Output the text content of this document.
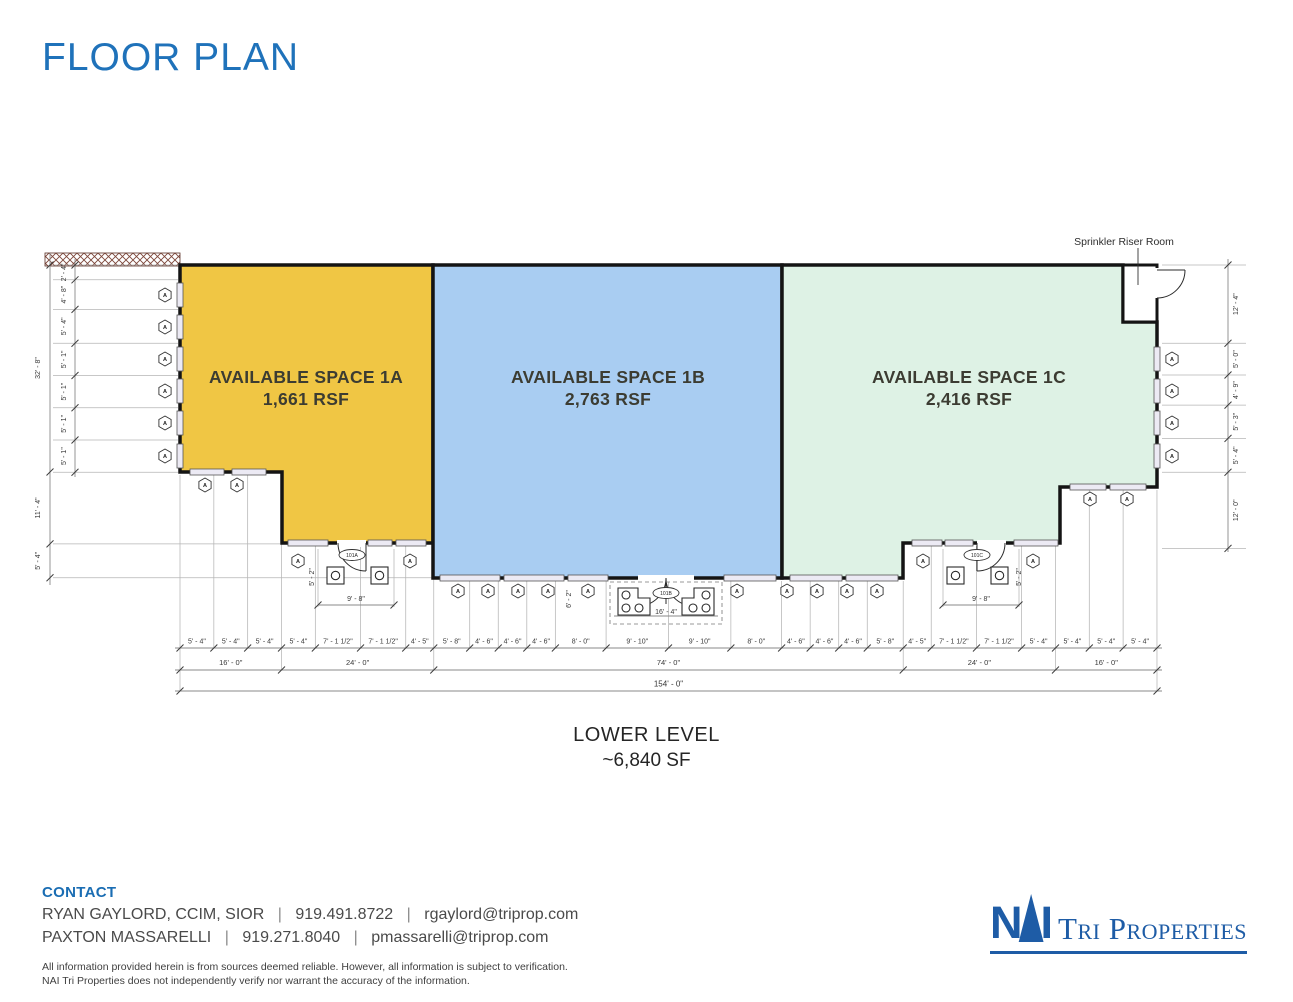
FLOOR PLAN
9' - 8"
5' - 2"
16' - 4"
6' - 2"	9' - 8"
5' - 2"
5' - 4" 5' - 4" 5' - 4" 5' - 4" 7' - 1 1/2" 7' - 1 1/2" 4' - 5" 5' - 8" 4' - 6" 4' - 6" 4' - 6"	8' - 0"	9' - 10"	9' - 10"	8' - 0"	4' - 6" 4' - 6" 4' - 6" 5' - 8" 4' - 5" 7' - 1 1/2" 7' - 1 1/2" 5' - 4" 5' - 4" 5' - 4" 5' - 4"
16' - 0"	24' - 0"	74' - 0"	24' - 0"	16' - 0"
154' - 0"
2' - 4"
4' - 8"
5' - 4"
5' - 1"
5' - 1"
5' - 1"
5' - 1"
32' - 8"
11' - 4"
5' - 4"
12' - 4"
5' - 0"
4' - 9"
5' - 3"
5' - 4"
12' - 0"
A
A
A
A
A
A
A	A
A	A
A	A	A	A	A	A	A	A	A	A
A	A
A	A
A
A
A
A
101A
101B
101C
AVAILABLE SPACE 1A
1,661 RSF
AVAILABLE SPACE 1B
2,763 RSF
AVAILABLE SPACE 1C
2,416 RSF
Sprinkler Riser Room
LOWER LEVEL
~6,840 SF
CONTACT
RYAN GAYLORD, CCIM, SIOR | 919.491.8722 | rgaylord@triprop.com
PAXTON MASSARELLI | 919.271.8040 | pmassarelli@triprop.com
All information provided herein is from sources deemed reliable. However, all information is subject to verification.
NAI Tri Properties does not independently verify nor warrant the accuracy of the information.
N I Tri Properties
